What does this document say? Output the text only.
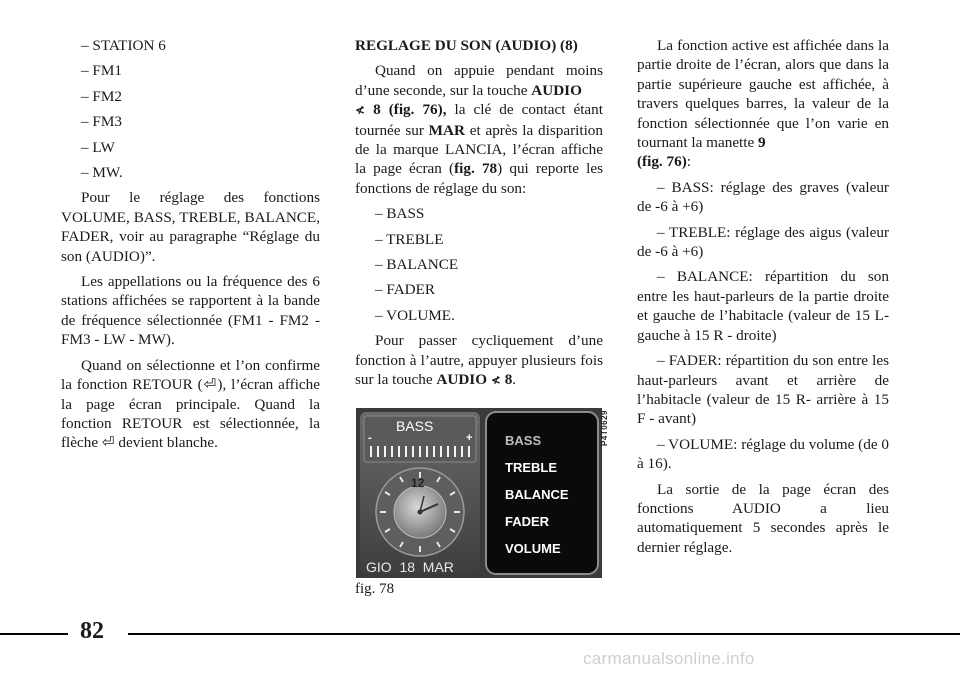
– STATION 6

– FM1

– FM2

– FM3

– LW

– MW.

Pour le réglage des fonctions VOLUME, BASS, TREBLE, BALANCE, FADER, voir au paragraphe “Réglage du son (AUDIO)”.

Les appellations ou la fréquence des 6 stations affichées se rapportent à la bande de fréquence sélectionnée (FM1 - FM2 - FM3 - LW - MW).

Quand on sélectionne et l’on confirme la fonction RETOUR (⏎), l’écran affiche la page écran principale. Quand la fonction RETOUR est sélectionnée, la flèche ⏎ devient blanche.

REGLAGE DU SON (AUDIO) (8)

Quand on appuie pendant moins d’une seconde, sur la touche AUDIO
≮ 8 (fig. 76), la clé de contact étant tournée sur MAR et après la disparition de la marque LANCIA, l’écran affiche la page écran (fig. 78) qui reporte les fonctions de réglage du son:

– BASS

– TREBLE

– BALANCE

– FADER

– VOLUME.

Pour passer cycliquement d’une fonction à l’autre, appuyer plusieurs fois sur la touche AUDIO ≮ 8.

BASS
-	+
12
GIO  18  MAR
BASS
TREBLE
BALANCE
FADER
VOLUME
P4T0629
fig. 78

La fonction active est affichée dans la partie droite de l’écran, alors que dans la partie supérieure gauche est affichée, à travers quelques barres, la valeur de la fonction sélectionnée que l’on varie en tournant la manette 9
(fig. 76):

– BASS: réglage des graves (valeur de -6 à +6)

– TREBLE: réglage des aigus (valeur de -6 à +6)

– BALANCE: répartition du son entre les haut-parleurs de la partie droite et gauche de l’habitacle (valeur de 15 L- gauche à 15 R - droite)

– FADER: répartition du son entre les haut-parleurs avant et arrière de l’habitacle (valeur de 15 R- arrière à 15 F - avant)

– VOLUME: réglage du volume (de 0 à 16).

La sortie de la page écran des fonctions AUDIO a lieu automatiquement 5 secondes après le dernier réglage.

82
carmanualsonline.info
